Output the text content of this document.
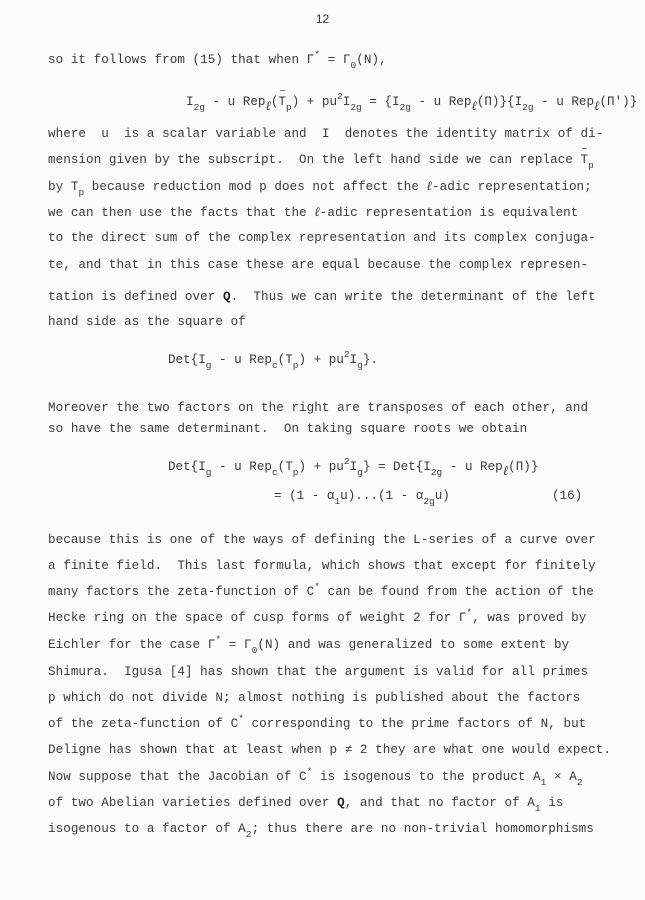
12
so it follows from (15) that when $\Gamma^* = \Gamma_0(N)$,
$I_{2g}$ - u Rep$_\ell$(~ $T_p) + pu^2I_{2g} = \{I_{2g} - u$ $Rep_\ell(\Pi)\}\{I_{2g}$ - u Rep$_\ell$(Π')}
where  u  is a scalar variable and  I  denotes the identity matrix of di-
mension given by the subscript.  On the left hand side we can replace ~ $T_p$
by $T_p$ because reduction mod p does not affect the ℓ-adic representation;
we can then use the facts that the ℓ-adic representation is equivalent
to the direct sum of the complex representation and its complex conjuga-
te, and that in this case these are equal because the complex represen-
tation is defined over Q.  Thus we can write the determinant of the left
hand side as the square of
$Det\{I_g$ - u $Rep_c(T_p) + pu^2I_g$}.
Moreover the two factors on the right are transposes of each other, and
so have the same determinant.  On taking square roots we obtain
$Det\{I_g$ - u $Rep_c(T_p) + pu^2I_g\} = Det\{I_{2g} - u$ Rep$_\ell$(Π)}
= $(1 - \alpha_1u)...(1 - \alpha_{2g}u)$	(16)
because this is one of the ways of defining the L-series of a curve over
a finite field.  This last formula, which shows that except for finitely
many factors the zeta-function of C* can be found from the action of the
Hecke ring on the space of cusp forms of weight 2 for Γ*, was proved by
Eichler for the case $\Gamma^* = \Gamma_0(N)$ and was generalized to some extent by
Shimura.  Igusa [4] has shown that the argument is valid for all primes
p which do not divide N; almost nothing is published about the factors
of the zeta-function of C* corresponding to the prime factors of N, but
Deligne has shown that at least when p ≠ 2 they are what one would expect.
Now suppose that the Jacobian of C* is isogenous to the product $A_1 \times A_2$
of two Abelian varieties defined over Q, and that no factor of $A_1$ is
isogenous to a factor of $A_2$; thus there are no non-trivial homomorphisms
